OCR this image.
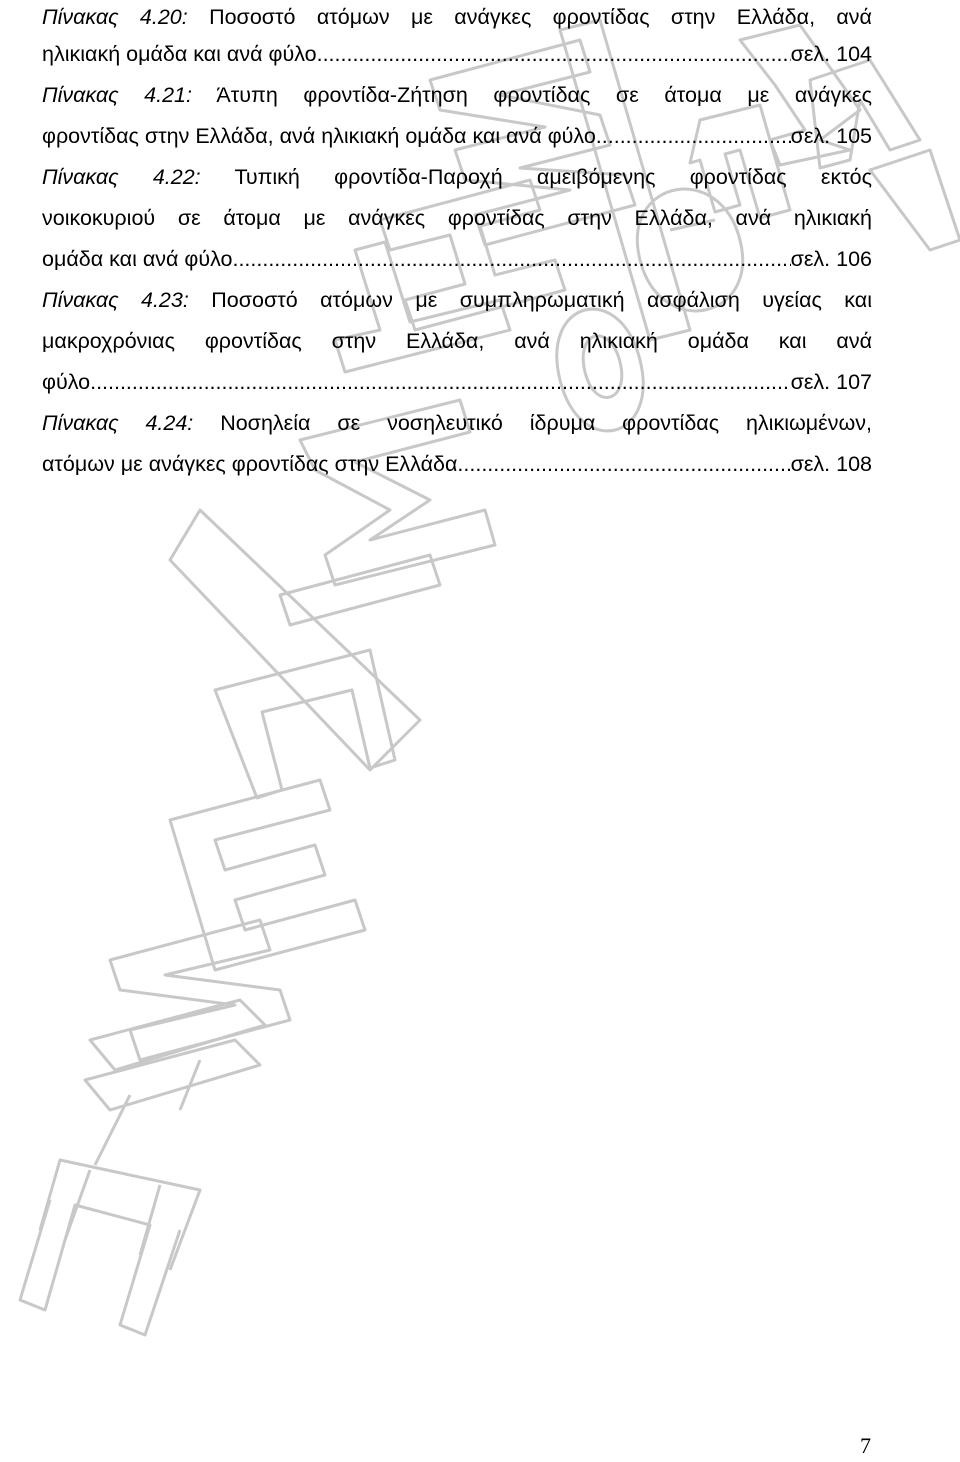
Πίνακας 4.20: Ποσοστό ατόμων με ανάγκες φροντίδας στην Ελλάδα, ανά
ηλικιακή ομάδα και ανά φύλο .....	σελ. 104
Πίνακας 4.21: Άτυπη φροντίδα-Ζήτηση φροντίδας σε άτομα με ανάγκες
φροντίδας στην Ελλάδα, ανά ηλικιακή ομάδα και ανά φύλο .....	σελ. 105
Πίνακας 4.22: Τυπική φροντίδα-Παροχή αμειβόμενης φροντίδας εκτός
νοικοκυριού σε άτομα με ανάγκες φροντίδας στην Ελλάδα, ανά ηλικιακή
ομάδα και ανά φύλο .....	σελ. 106
Πίνακας 4.23: Ποσοστό ατόμων με συμπληρωματική ασφάλιση υγείας και
μακροχρόνιας φροντίδας στην Ελλάδα, ανά ηλικιακή ομάδα και ανά
φύλο .....	σελ. 107
Πίνακας 4.24: Νοσηλεία σε νοσηλευτικό ίδρυμα φροντίδας ηλικιωμένων,
ατόμων με ανάγκες φροντίδας στην Ελλάδα .....	σελ. 108
7
